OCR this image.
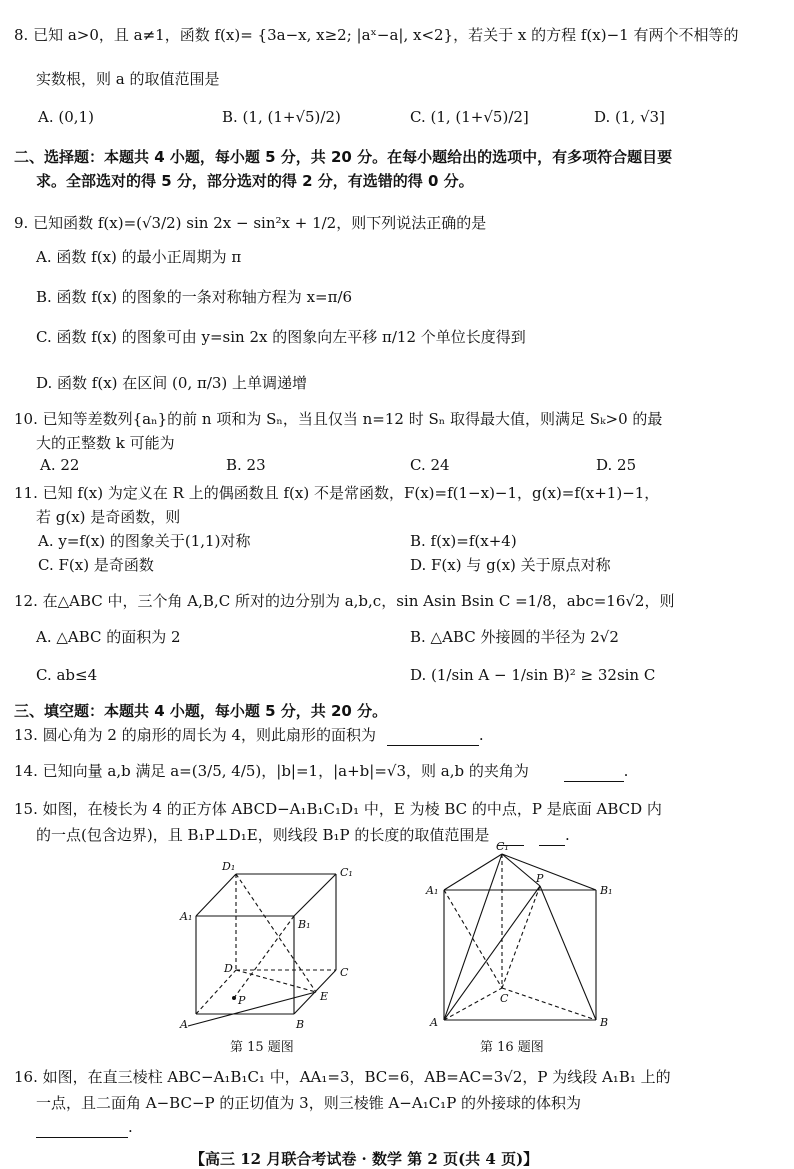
8. 已知 a>0，且 a≠1，函数 f(x)= {3a−x, x≥2; |aˣ−a|, x<2}，若关于 x 的方程 f(x)−1 有两个不相等的
实数根，则 a 的取值范围是
A. (0,1)	B. (1, (1+√5)/2)	C. (1, (1+√5)/2]	D. (1, √3]
二、选择题：本题共 4 小题，每小题 5 分，共 20 分。在每小题给出的选项中，有多项符合题目要
求。全部选对的得 5 分，部分选对的得 2 分，有选错的得 0 分。
9. 已知函数 f(x)=(√3/2) sin 2x − sin²x + 1/2，则下列说法正确的是
A. 函数 f(x) 的最小正周期为 π
B. 函数 f(x) 的图象的一条对称轴方程为 x=π/6
C. 函数 f(x) 的图象可由 y=sin 2x 的图象向左平移 π/12 个单位长度得到
D. 函数 f(x) 在区间 (0, π/3) 上单调递增
10. 已知等差数列{aₙ}的前 n 项和为 Sₙ，当且仅当 n=12 时 Sₙ 取得最大值，则满足 Sₖ>0 的最
大的正整数 k 可能为
A. 22	B. 23	C. 24	D. 25
11. 已知 f(x) 为定义在 R 上的偶函数且 f(x) 不是常函数，F(x)=f(1−x)−1，g(x)=f(x+1)−1，
若 g(x) 是奇函数，则
A. y=f(x) 的图象关于(1,1)对称	B. f(x)=f(x+4)
C. F(x) 是奇函数	D. F(x) 与 g(x) 关于原点对称
12. 在△ABC 中，三个角 A,B,C 所对的边分别为 a,b,c，sin Asin Bsin C =1/8，abc=16√2，则
A. △ABC 的面积为 2	B. △ABC 外接圆的半径为 2√2
C. ab≤4	D. (1/sin A − 1/sin B)² ≥ 32sin C
三、填空题：本题共 4 小题，每小题 5 分，共 20 分。
13. 圆心角为 2 的扇形的周长为 4，则此扇形的面积为	.
14. 已知向量 a,b 满足 a=(3/5, 4/5)，|b|=1，|a+b|=√3，则 a,b 的夹角为	.
15. 如图，在棱长为 4 的正方体 ABCD−A₁B₁C₁D₁ 中，E 为棱 BC 的中点，P 是底面 ABCD 内
的一点(包含边界)，且 B₁P⊥D₁E，则线段 B₁P 的长度的取值范围是	.
D₁	C₁
A₁
B₁
D	C
A	B
E
P
第 15 题图
C₁
A₁	B₁
P
C
A	B
第 16 题图
16. 如图，在直三棱柱 ABC−A₁B₁C₁ 中，AA₁=3，BC=6，AB=AC=3√2，P 为线段 A₁B₁ 上的
一点，且二面角 A−BC−P 的正切值为 3，则三棱锥 A−A₁C₁P 的外接球的体积为
.
【高三 12 月联合考试卷 · 数学 第 2 页(共 4 页)】
